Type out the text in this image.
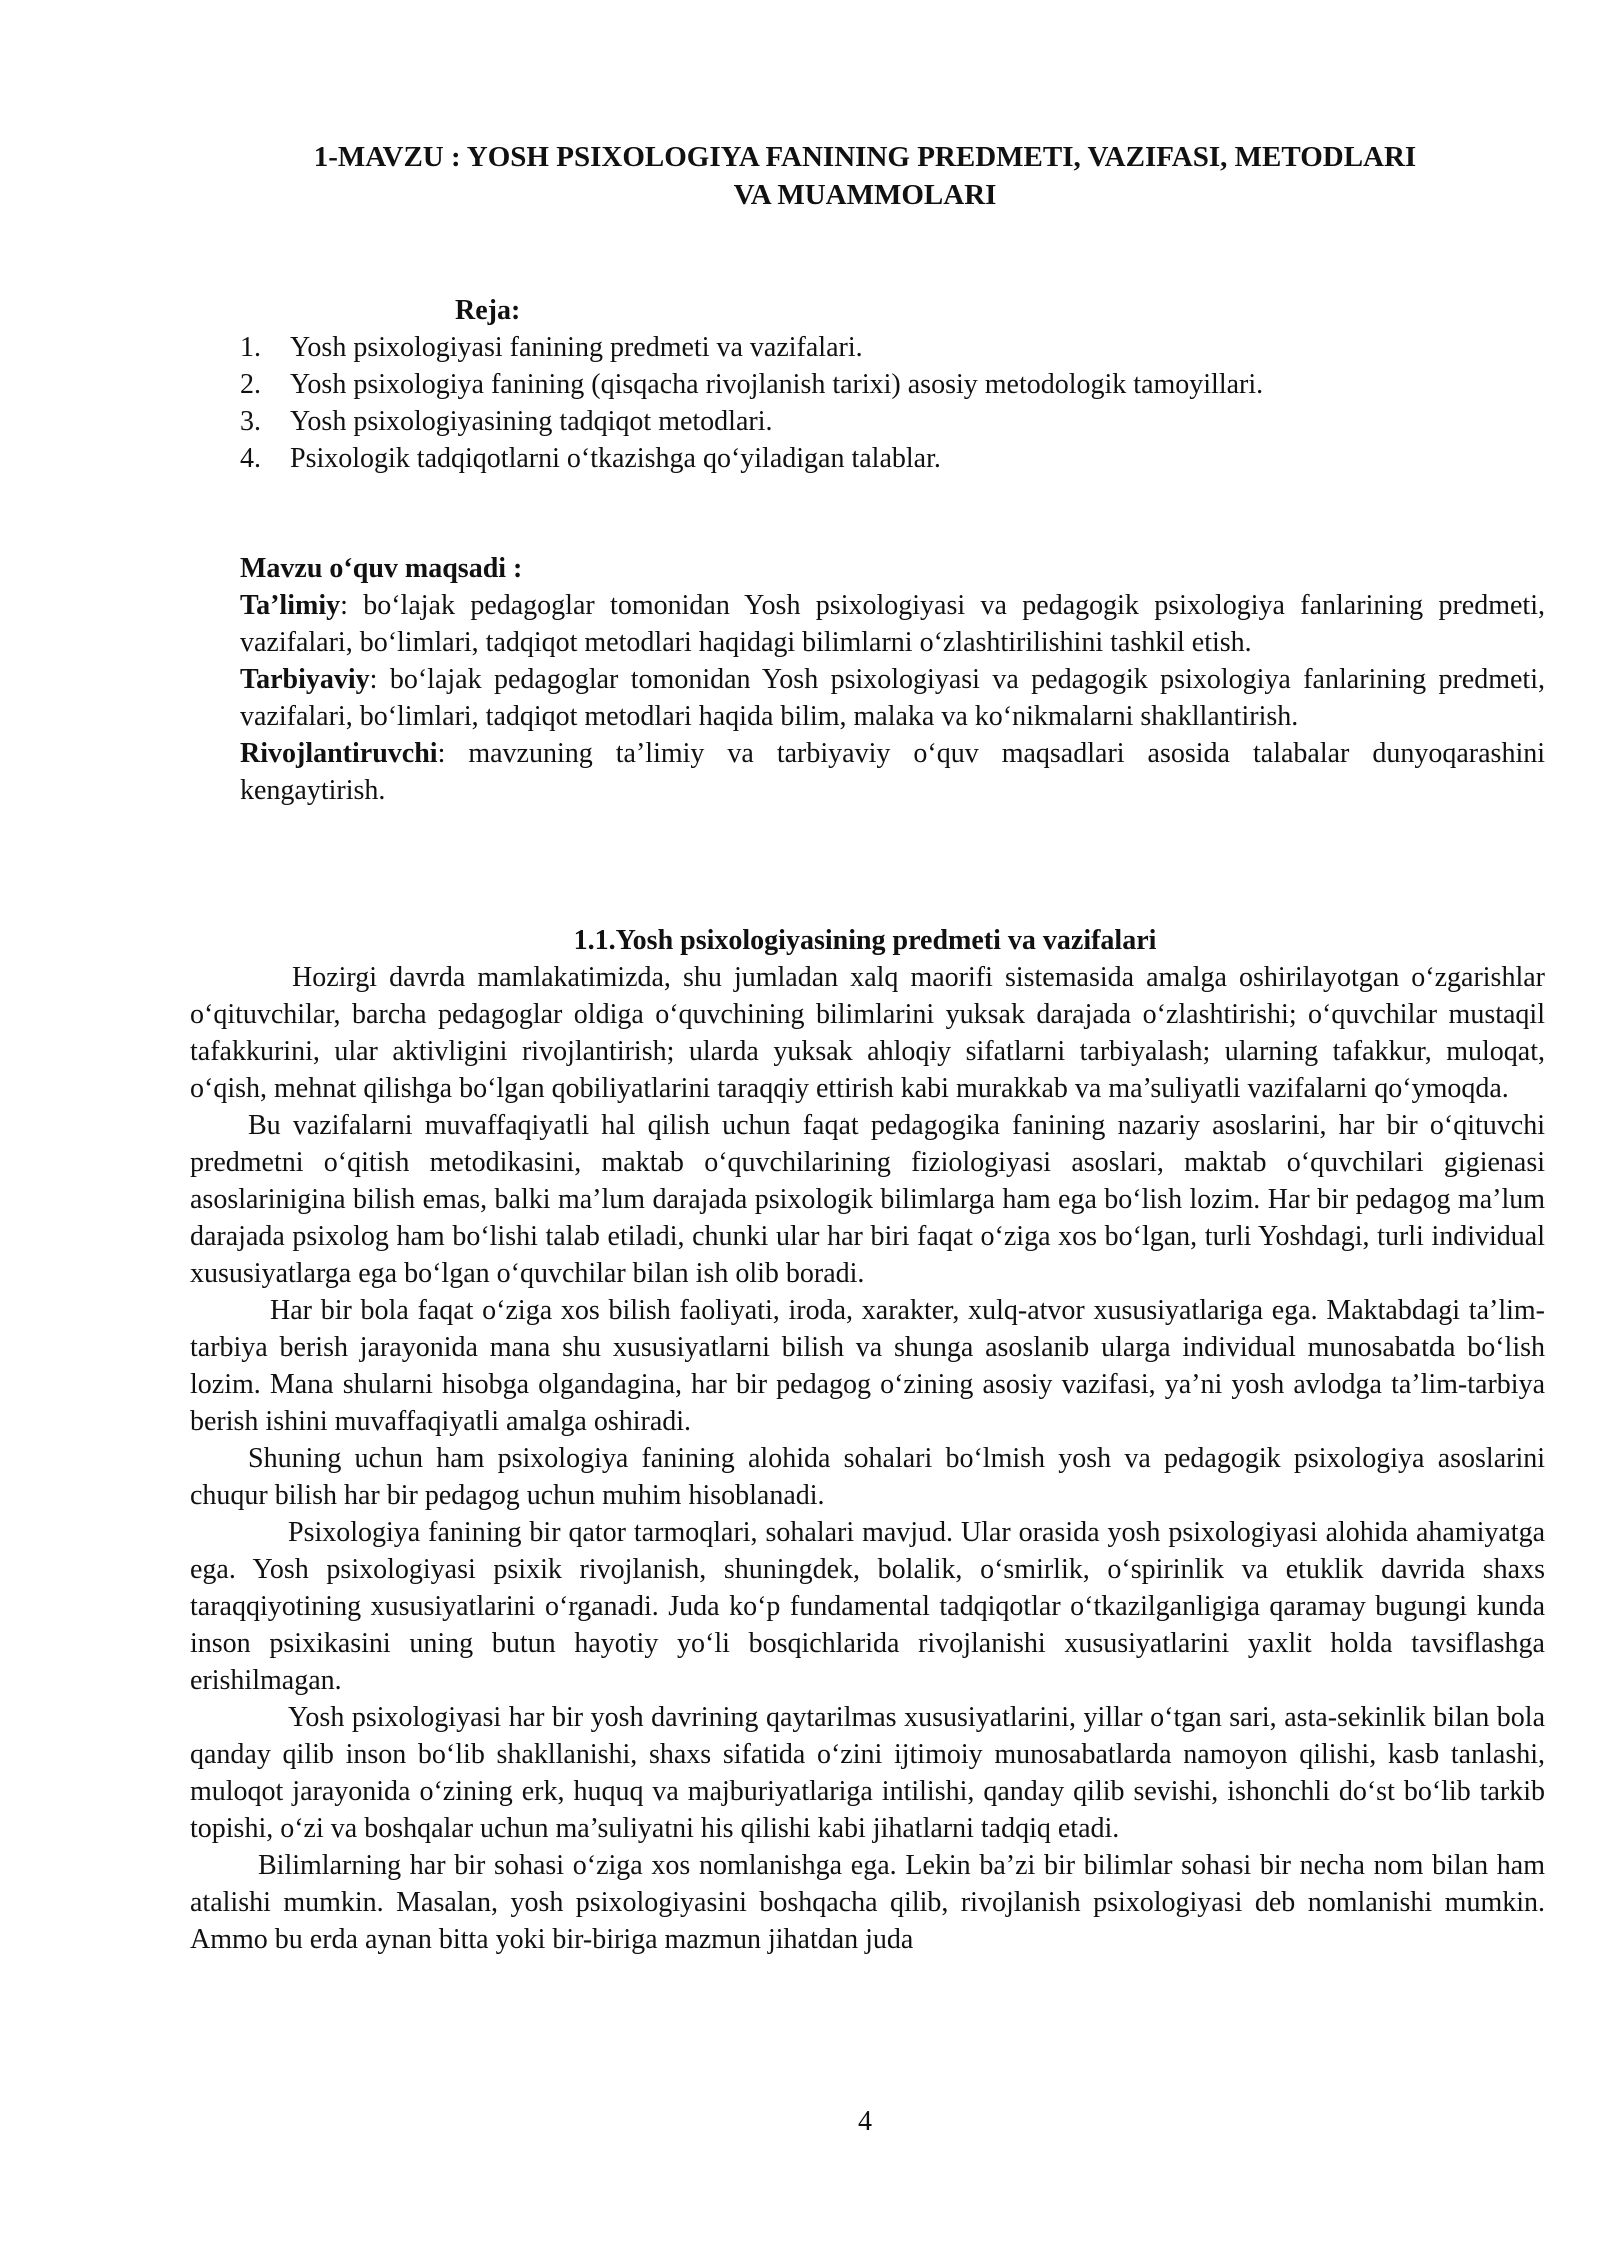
1-MAVZU : YOSH PSIXOLOGIYA FANINING PREDMETI, VAZIFASI, METODLARI
VA MUAMMOLARI
Reja:
1.	Yosh psixologiyasi fanining predmeti va vazifalari.
2.	Yosh psixologiya fanining (qisqacha rivojlanish tarixi) asosiy metodologik tamoyillari.
3.	Yosh psixologiyasining tadqiqot metodlari.
4.	Psixologik tadqiqotlarni o‘tkazishga qo‘yiladigan talablar.
Mavzu o‘quv maqsadi :

Ta’limiy: bo‘lajak pedagoglar tomonidan Yosh psixologiyasi va pedagogik psixologiya fanlarining predmeti, vazifalari, bo‘limlari, tadqiqot metodlari haqidagi bilimlarni o‘zlashtirilishini tashkil etish.

Tarbiyaviy: bo‘lajak pedagoglar tomonidan Yosh psixologiyasi va pedagogik psixologiya fanlarining predmeti, vazifalari, bo‘limlari, tadqiqot metodlari haqida bilim, malaka va ko‘nikmalarni shakllantirish.

Rivojlantiruvchi: mavzuning ta’limiy va tarbiyaviy o‘quv maqsadlari asosida talabalar dunyoqarashini kengaytirish.

1.1.Yosh psixologiyasining predmeti va vazifalari

Hozirgi davrda mamlakatimizda, shu jumladan xalq maorifi sistemasida amalga oshirilayotgan o‘zgarishlar o‘qituvchilar, barcha pedagoglar oldiga o‘quvchining bilimlarini yuksak darajada o‘zlashtirishi; o‘quvchilar mustaqil tafakkurini, ular aktivligini rivojlantirish; ularda yuksak ahloqiy sifatlarni tarbiyalash; ularning tafakkur, muloqat, o‘qish, mehnat qilishga bo‘lgan qobiliyatlarini taraqqiy ettirish kabi murakkab va ma’suliyatli vazifalarni qo‘ymoqda.

Bu vazifalarni muvaffaqiyatli hal qilish uchun faqat pedagogika fanining nazariy asoslarini, har bir o‘qituvchi predmetni o‘qitish metodikasini, maktab o‘quvchilarining fiziologiyasi asoslari, maktab o‘quvchilari gigienasi asoslarinigina bilish emas, balki ma’lum darajada psixologik bilimlarga ham ega bo‘lish lozim. Har bir pedagog ma’lum darajada psixolog ham bo‘lishi talab etiladi, chunki ular har biri faqat o‘ziga xos bo‘lgan, turli Yoshdagi, turli individual xususiyatlarga ega bo‘lgan o‘quvchilar bilan ish olib boradi.

Har bir bola faqat o‘ziga xos bilish faoliyati, iroda, xarakter, xulq-atvor xususiyatlariga ega. Maktabdagi ta’lim-tarbiya berish jarayonida mana shu xususiyatlarni bilish va shunga asoslanib ularga individual munosabatda bo‘lish lozim. Mana shularni hisobga olgandagina, har bir pedagog o‘zining asosiy vazifasi, ya’ni yosh avlodga ta’lim-tarbiya berish ishini muvaffaqiyatli amalga oshiradi.

Shuning uchun ham psixologiya fanining alohida sohalari bo‘lmish yosh va pedagogik psixologiya asoslarini chuqur bilish har bir pedagog uchun muhim hisoblanadi.

Psixologiya fanining bir qator tarmoqlari, sohalari mavjud. Ular orasida yosh psixologiyasi alohida ahamiyatga ega. Yosh psixologiyasi psixik rivojlanish, shuningdek, bolalik, o‘smirlik, o‘spirinlik va etuklik davrida shaxs taraqqiyotining xususiyatlarini o‘rganadi. Juda ko‘p fundamental tadqiqotlar o‘tkazilganligiga qaramay bugungi kunda inson psixikasini uning butun hayotiy yo‘li bosqichlarida rivojlanishi xususiyatlarini yaxlit holda tavsiflashga erishilmagan.

Yosh psixologiyasi har bir yosh davrining qaytarilmas xususiyatlarini, yillar o‘tgan sari, asta-sekinlik bilan bola qanday qilib inson bo‘lib shakllanishi, shaxs sifatida o‘zini ijtimoiy munosabatlarda namoyon qilishi, kasb tanlashi, muloqot jarayonida o‘zining erk, huquq va majburiyatlariga intilishi, qanday qilib sevishi, ishonchli do‘st bo‘lib tarkib topishi, o‘zi va boshqalar uchun ma’suliyatni his qilishi kabi jihatlarni tadqiq etadi.

Bilimlarning har bir sohasi o‘ziga xos nomlanishga ega. Lekin ba’zi bir bilimlar sohasi bir necha nom bilan ham atalishi mumkin. Masalan, yosh psixologiyasini boshqacha qilib, rivojlanish psixologiyasi deb nomlanishi mumkin. Ammo bu erda aynan bitta yoki bir-biriga mazmun jihatdan juda

4
